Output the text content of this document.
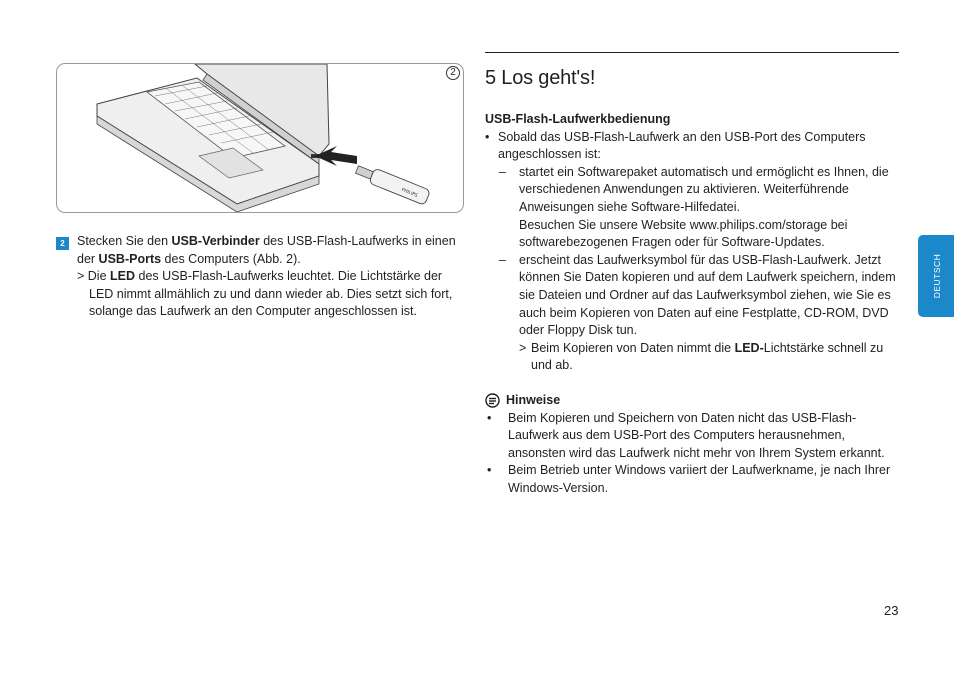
PHILIPS
2
2 Stecken Sie den USB-Verbinder des USB-Flash-Laufwerks in einen der USB-Ports des Computers (Abb. 2).

> Die LED des USB-Flash-Laufwerks leuchtet. Die Lichtstärke der LED nimmt allmählich zu und dann wieder ab. Dies setzt sich fort, solange das Laufwerk an den Computer angeschlossen ist.

5 Los geht's!

USB-Flash-Laufwerkbedienung

• Sobald das USB-Flash-Laufwerk an den USB-Port des Computers angeschlossen ist:

– startet ein Softwarepaket automatisch und ermöglicht es Ihnen, die verschiedenen Anwendungen zu aktivieren. Weiterführende Anweisungen siehe Software-Hilfedatei.

Besuchen Sie unsere Website www.philips.com/storage bei softwarebezogenen Fragen oder für Software-Updates.

– erscheint das Laufwerksymbol für das USB-Flash-Laufwerk. Jetzt können Sie Daten kopieren und auf dem Laufwerk speichern, indem sie Dateien und Ordner auf das Laufwerksymbol ziehen, wie Sie es auch beim Kopieren von Daten auf eine Festplatte, CD-ROM, DVD oder Floppy Disk tun.

> Beim Kopieren von Daten nimmt die LED-Lichtstärke schnell zu und ab.

Hinweise

• Beim Kopieren und Speichern von Daten nicht das USB-Flash-Laufwerk aus dem USB-Port des Computers herausnehmen, ansonsten wird das Laufwerk nicht mehr von Ihrem System erkannt.

• Beim Betrieb unter Windows variiert der Laufwerkname, je nach Ihrer Windows-Version.

DEUTSCH
23
